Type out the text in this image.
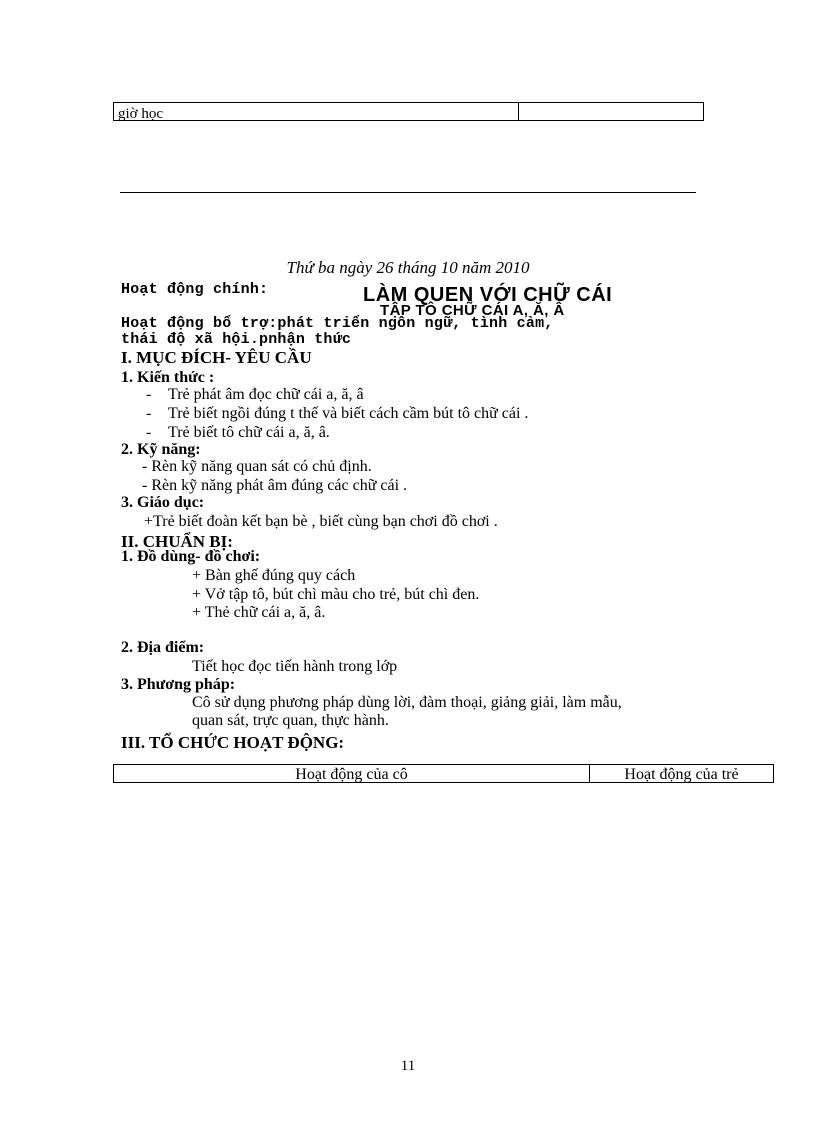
giờ học
Thứ ba ngày 26 tháng 10 năm 2010
Hoạt động chính:	LÀM QUEN VỚI CHỮ CÁI
TẬP TÔ CHỮ CÁI A, Ă, Â
Hoạt động bổ trợ:phát triển ngôn ngữ, tình cảm,
thái độ xã hội.pnhận thức
I. MỤC ĐÍCH- YÊU CẦU
1. Kiến thức :
- Trẻ phát âm đọc chữ cái a, ă, â
- Trẻ biết ngồi đúng t thế và biết cách cầm bút tô chữ cái .
- Trẻ biết tô chữ cái a, ă, â.
2. Kỹ năng:
- Rèn kỹ năng quan sát có chủ định.
- Rèn kỹ năng phát âm đúng các chữ cái .
3. Giáo dục:
+Trẻ biết đoàn kết bạn bè , biết cùng bạn chơi đồ chơi .
II. CHUẨN BỊ:
1. Đồ dùng- đồ chơi:
+ Bàn ghế đúng quy cách
+ Vở tập tô, bút chì màu cho trẻ, bút chì đen.
+ Thẻ chữ cái a, ă, â.
2. Địa điểm:
Tiết học đọc tiến hành trong lớp
3. Phương pháp:
Cô sử dụng phương pháp dùng lời, đàm thoại, giảng giải, làm mẫu,
quan sát, trực quan, thực hành.
III. TỔ CHỨC HOẠT ĐỘNG:
Hoạt động của cô	Hoạt động của trẻ
11
